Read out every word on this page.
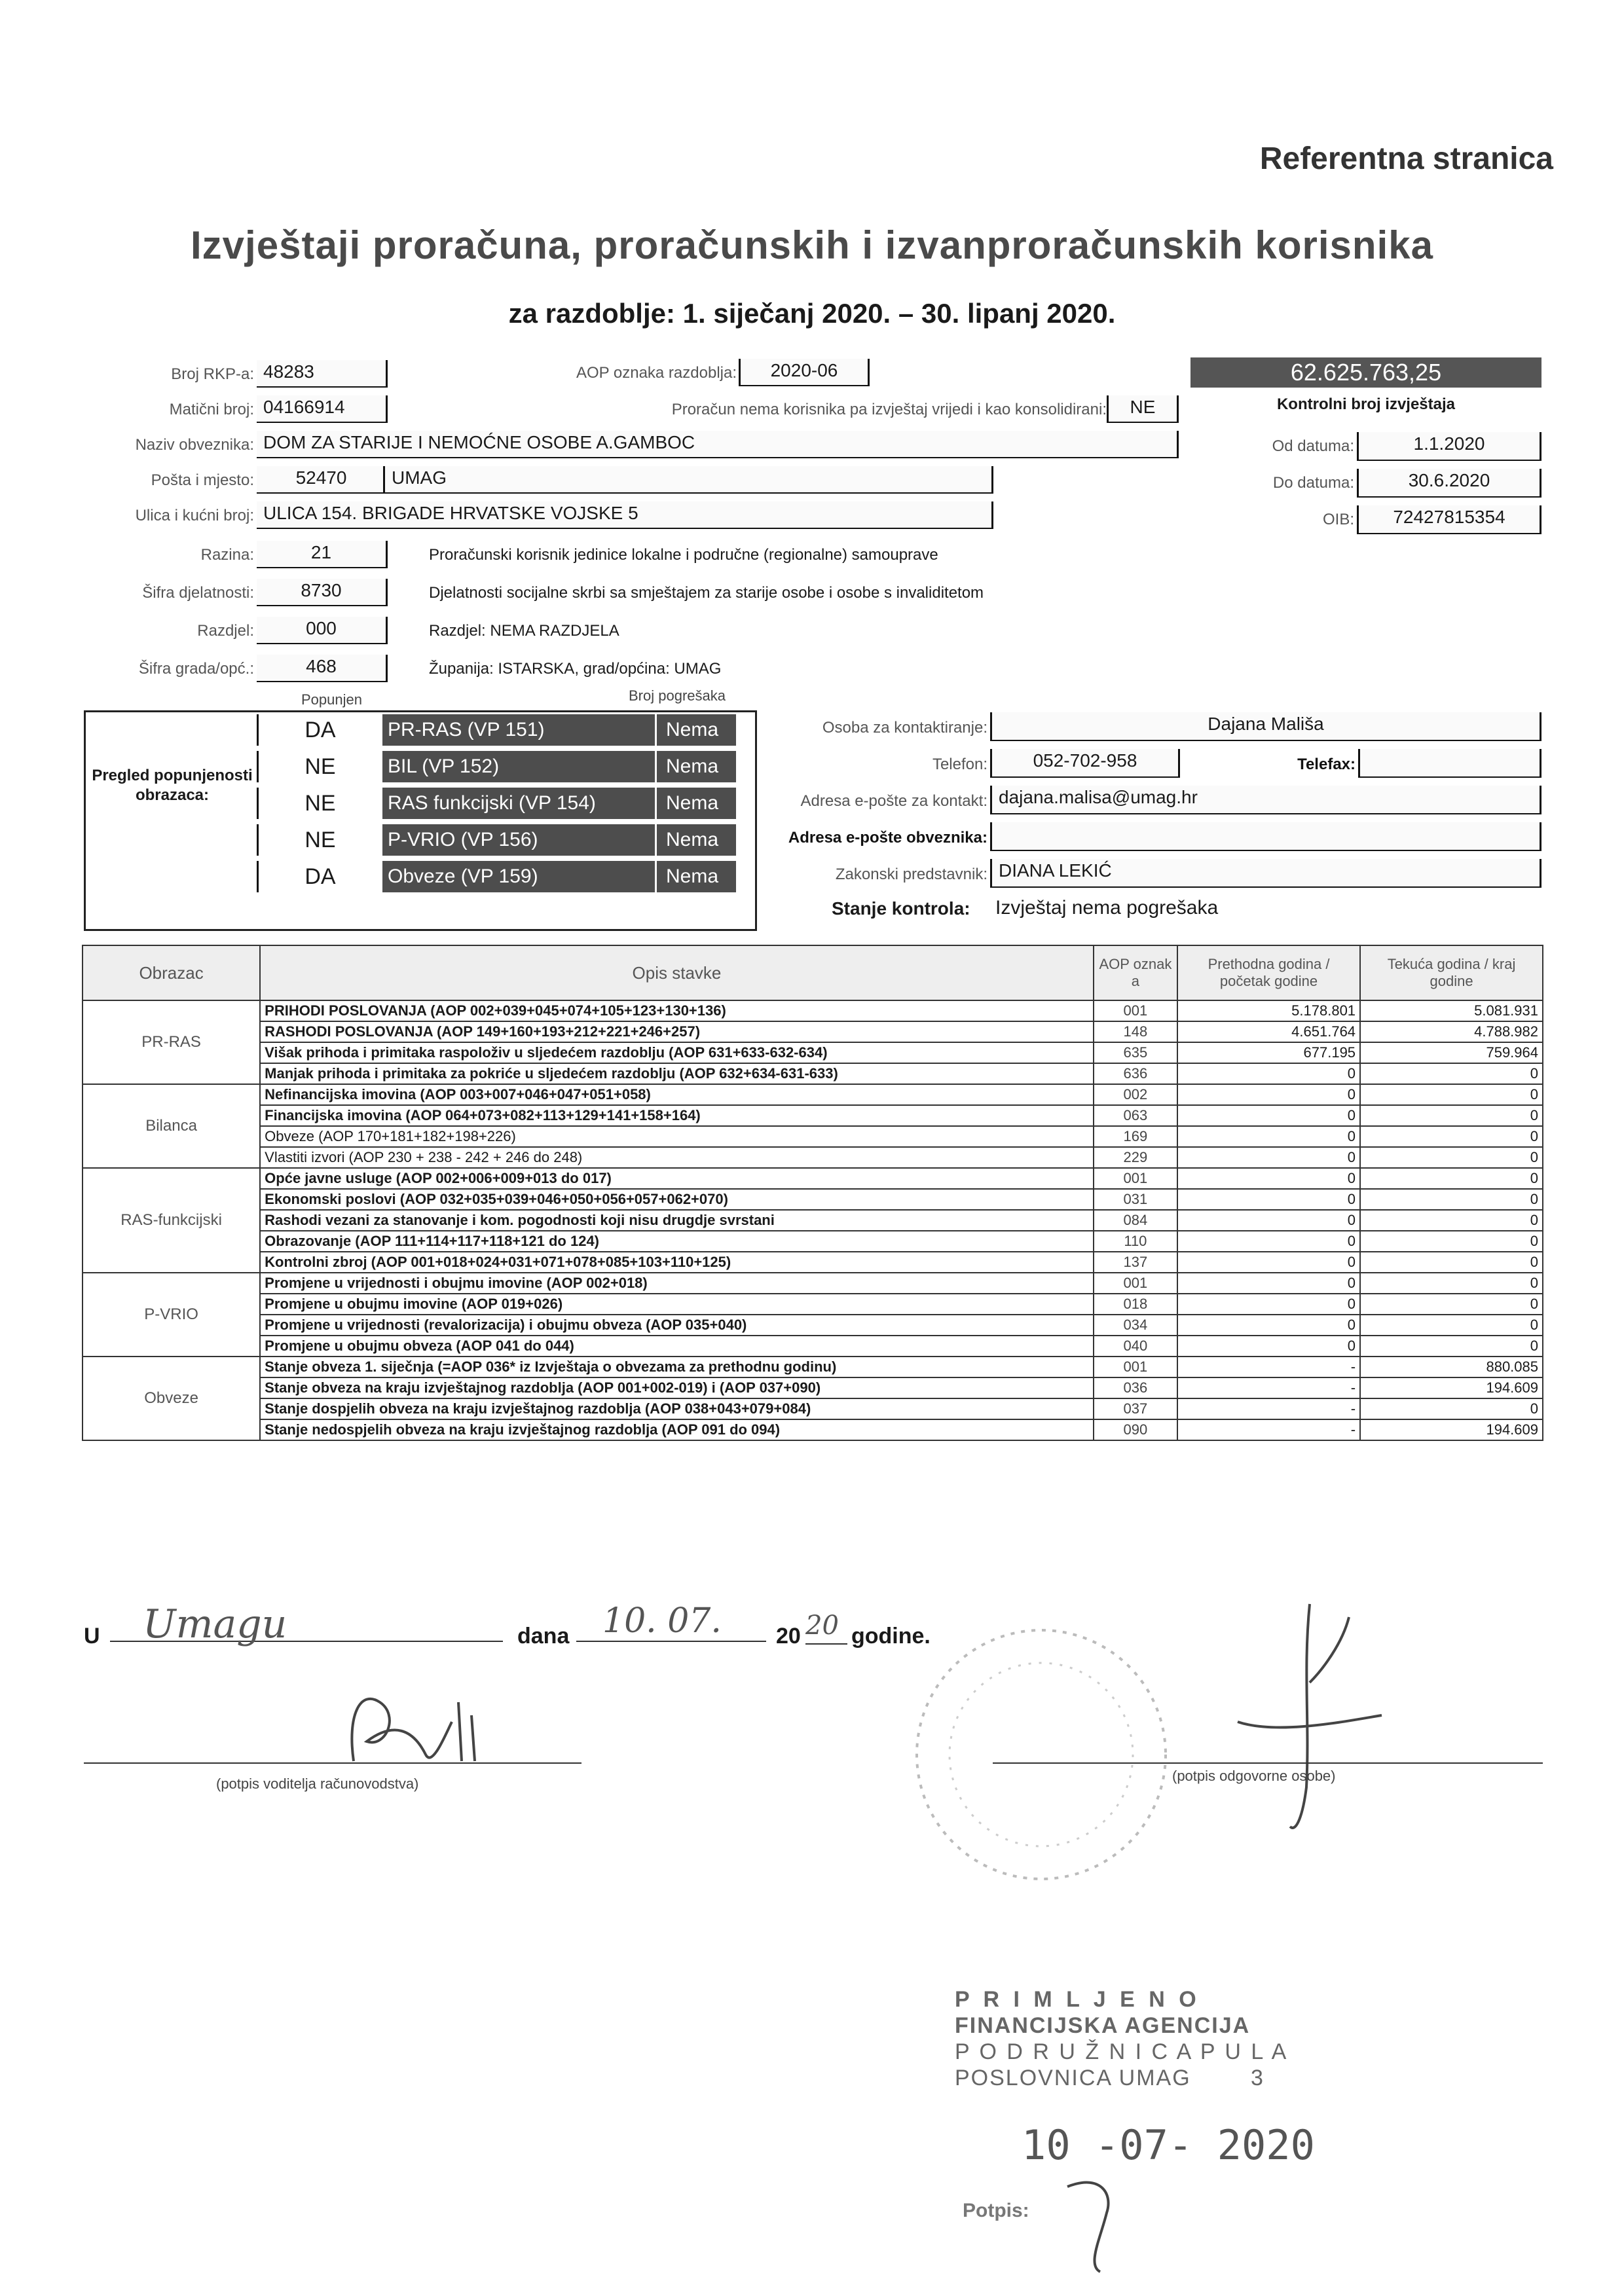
Referentna stranica
Izvještaji proračuna, proračunskih i izvanproračunskih korisnika
za razdoblje: 1. siječanj 2020. – 30. lipanj 2020.
Broj RKP-a: 48283
Matični broj: 04166914
Naziv obveznika: DOM ZA STARIJE I NEMOĆNE OSOBE A.GAMBOC
Pošta i mjesto:	52470	UMAG
Ulica i kućni broj: ULICA 154. BRIGADE HRVATSKE VOJSKE 5
Razina:	21	Proračunski korisnik jedinice lokalne i područne (regionalne) samouprave
Šifra djelatnosti:	8730	Djelatnosti socijalne skrbi sa smještajem za starije osobe i osobe s invaliditetom
Razdjel:	000	Razdjel: NEMA RAZDJELA
Šifra grada/opć.:	468	Županija: ISTARSKA, grad/općina: UMAG
AOP oznaka razdoblja:	2020-06
Proračun nema korisnika pa izvještaj vrijedi i kao konsolidirani:	NE
62.625.763,25
Kontrolni broj izvještaja
Od datuma:	1.1.2020
Do datuma:	30.6.2020
OIB:	72427815354
Popunjen	Broj pogrešaka
Pregled popunjenosti obrazaca:
DA	PR-RAS (VP 151)	Nema
NE	BIL (VP 152)	Nema
NE	RAS funkcijski (VP 154)	Nema
NE	P-VRIO (VP 156)	Nema
DA	Obveze (VP 159)	Nema
Osoba za kontaktiranje:	Dajana Mališa
Telefon:	052-702-958	Telefax:
Adresa e-pošte za kontakt: dajana.malisa@umag.hr
Adresa e-pošte obveznika:
Zakonski predstavnik: DIANA LEKIĆ
Stanje kontrola: Izvještaj nema pogrešaka
Obrazac	Opis stavke	AOP oznak a	Prethodna godina / početak godine	Tekuća godina / kraj godine
PR-RAS	PRIHODI POSLOVANJA (AOP 002+039+045+074+105+123+130+136)	001	5.178.801	5.081.931
	RASHODI POSLOVANJA (AOP 149+160+193+212+221+246+257)	148	4.651.764	4.788.982
	Višak prihoda i primitaka raspoloživ u sljedećem razdoblju (AOP 631+633-632-634)	635	677.195	759.964
	Manjak prihoda i primitaka za pokriće u sljedećem razdoblju (AOP 632+634-631-633)	636	0	0
Bilanca	Nefinancijska imovina (AOP 003+007+046+047+051+058)	002	0	0
	Financijska imovina (AOP 064+073+082+113+129+141+158+164)	063	0	0
	Obveze (AOP 170+181+182+198+226)	169	0	0
	Vlastiti izvori (AOP 230 + 238 - 242 + 246 do 248)	229	0	0
RAS-funkcijski	Opće javne usluge (AOP 002+006+009+013 do 017)	001	0	0
	Ekonomski poslovi (AOP 032+035+039+046+050+056+057+062+070)	031	0	0
	Rashodi vezani za stanovanje i kom. pogodnosti koji nisu drugdje svrstani	084	0	0
	Obrazovanje (AOP 111+114+117+118+121 do 124)	110	0	0
	Kontrolni zbroj (AOP 001+018+024+031+071+078+085+103+110+125)	137	0	0
P-VRIO	Promjene u vrijednosti i obujmu imovine (AOP 002+018)	001	0	0
	Promjene u obujmu imovine (AOP 019+026)	018	0	0
	Promjene u vrijednosti (revalorizacija) i obujmu obveza (AOP 035+040)	034	0	0
	Promjene u obujmu obveza (AOP 041 do 044)	040	0	0
Obveze	Stanje obveza 1. siječnja (=AOP 036* iz Izvještaja o obvezama za prethodnu godinu)	001	-	880.085
	Stanje obveza na kraju izvještajnog razdoblja (AOP 001+002-019) i (AOP 037+090)	036	-	194.609
	Stanje dospjelih obveza na kraju izvještajnog razdoblja (AOP 038+043+079+084)	037	-	0
	Stanje nedospjelih obveza na kraju izvještajnog razdoblja (AOP 091 do 094)	090	-	194.609
U	Umagu	dana 10. 07.	20 20 godine.
(potpis voditelja računovodstva)	(potpis odgovorne osobe)
P R I M L J E N O
FINANCIJSKA AGENCIJA
P O D R U Ž N I C A P U L A
POSLOVNICA UMAG	3
10 -07- 2020
Potpis:
